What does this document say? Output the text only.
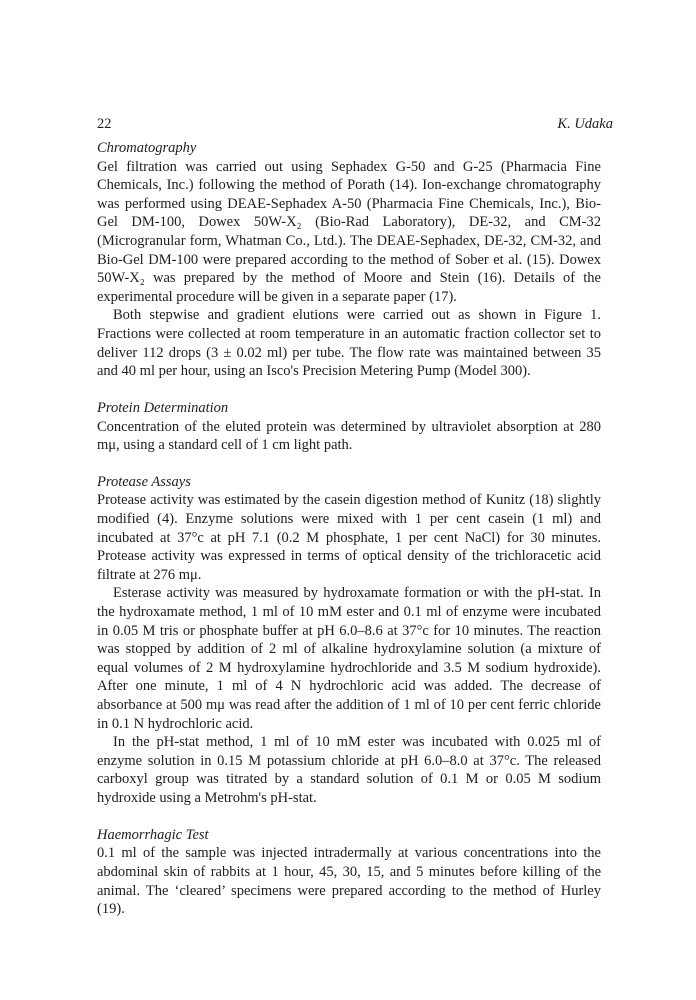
22	K. Udaka
Chromatography

Gel filtration was carried out using Sephadex G-50 and G-25 (Pharmacia Fine Chemicals, Inc.) following the method of Porath (14). Ion-exchange chromatography was performed using DEAE-Sephadex A-50 (Pharmacia Fine Chemicals, Inc.), Bio-Gel DM-100, Dowex 50W-X₂ (Bio-Rad Laboratory), DE-32, and CM-32 (Microgranular form, Whatman Co., Ltd.). The DEAE-Sephadex, DE-32, CM-32, and Bio-Gel DM-100 were prepared according to the method of Sober et al. (15). Dowex 50W-X₂ was prepared by the method of Moore and Stein (16). Details of the experimental procedure will be given in a separate paper (17).

Both stepwise and gradient elutions were carried out as shown in Figure 1. Fractions were collected at room temperature in an automatic fraction collector set to deliver 112 drops (3 ± 0.02 ml) per tube. The flow rate was maintained between 35 and 40 ml per hour, using an Isco's Precision Metering Pump (Model 300).

Protein Determination

Concentration of the eluted protein was determined by ultraviolet absorption at 280 mμ, using a standard cell of 1 cm light path.

Protease Assays

Protease activity was estimated by the casein digestion method of Kunitz (18) slightly modified (4). Enzyme solutions were mixed with 1 per cent casein (1 ml) and incubated at 37°c at pH 7.1 (0.2 M phosphate, 1 per cent NaCl) for 30 minutes. Protease activity was expressed in terms of optical density of the trichloracetic acid filtrate at 276 mμ.

Esterase activity was measured by hydroxamate formation or with the pH-stat. In the hydroxamate method, 1 ml of 10 mM ester and 0.1 ml of enzyme were incubated in 0.05 M tris or phosphate buffer at pH 6.0–8.6 at 37°c for 10 minutes. The reaction was stopped by addition of 2 ml of alkaline hydroxylamine solution (a mixture of equal volumes of 2 M hydroxylamine hydrochloride and 3.5 M sodium hydroxide). After one minute, 1 ml of 4 N hydrochloric acid was added. The decrease of absorbance at 500 mμ was read after the addition of 1 ml of 10 per cent ferric chloride in 0.1 N hydrochloric acid.

In the pH-stat method, 1 ml of 10 mM ester was incubated with 0.025 ml of enzyme solution in 0.15 M potassium chloride at pH 6.0–8.0 at 37°c. The released carboxyl group was titrated by a standard solution of 0.1 M or 0.05 M sodium hydroxide using a Metrohm's pH-stat.

Haemorrhagic Test

0.1 ml of the sample was injected intradermally at various concentrations into the abdominal skin of rabbits at 1 hour, 45, 30, 15, and 5 minutes before killing of the animal. The ‘cleared’ specimens were prepared according to the method of Hurley (19).
